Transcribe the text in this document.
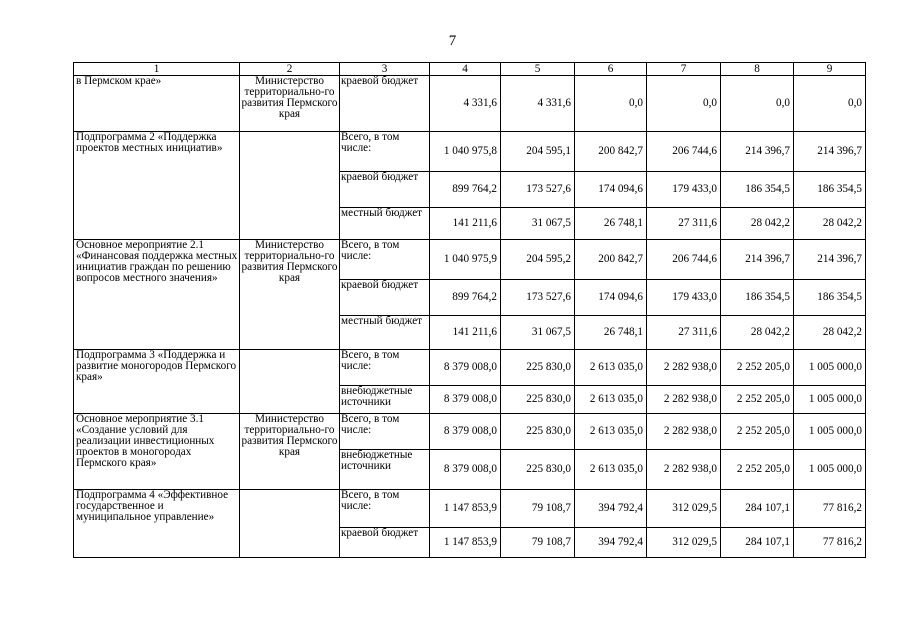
7
1	2	3	4	5	6	7	8	9
в Пермском крае»	Министерство территориально-го развития Пермского края	краевой бюджет	4 331,6	4 331,6	0,0	0,0	0,0	0,0
Подпрограмма 2 «Поддержка проектов местных инициатив»		Всего, в том числе:	1 040 975,8	204 595,1	200 842,7	206 744,6	214 396,7	214 396,7
		краевой бюджет	899 764,2	173 527,6	174 094,6	179 433,0	186 354,5	186 354,5
		местный бюджет	141 211,6	31 067,5	26 748,1	27 311,6	28 042,2	28 042,2
Основное мероприятие 2.1 «Финансовая поддержка местных инициатив граждан по решению вопросов местного значения»	Министерство территориально-го развития Пермского края	Всего, в том числе:	1 040 975,9	204 595,2	200 842,7	206 744,6	214 396,7	214 396,7
		краевой бюджет	899 764,2	173 527,6	174 094,6	179 433,0	186 354,5	186 354,5
		местный бюджет	141 211,6	31 067,5	26 748,1	27 311,6	28 042,2	28 042,2
Подпрограмма 3 «Поддержка и развитие моногородов Пермского края»		Всего, в том числе:	8 379 008,0	225 830,0	2 613 035,0	2 282 938,0	2 252 205,0	1 005 000,0
		внебюджетные источники	8 379 008,0	225 830,0	2 613 035,0	2 282 938,0	2 252 205,0	1 005 000,0
Основное мероприятие 3.1 «Создание условий для реализации инвестиционных проектов в моногородах Пермского края»	Министерство территориально-го развития Пермского края	Всего, в том числе:	8 379 008,0	225 830,0	2 613 035,0	2 282 938,0	2 252 205,0	1 005 000,0
		внебюджетные источники	8 379 008,0	225 830,0	2 613 035,0	2 282 938,0	2 252 205,0	1 005 000,0
Подпрограмма 4 «Эффективное государственное и муниципальное управление»		Всего, в том числе:	1 147 853,9	79 108,7	394 792,4	312 029,5	284 107,1	77 816,2
		краевой бюджет	1 147 853,9	79 108,7	394 792,4	312 029,5	284 107,1	77 816,2
